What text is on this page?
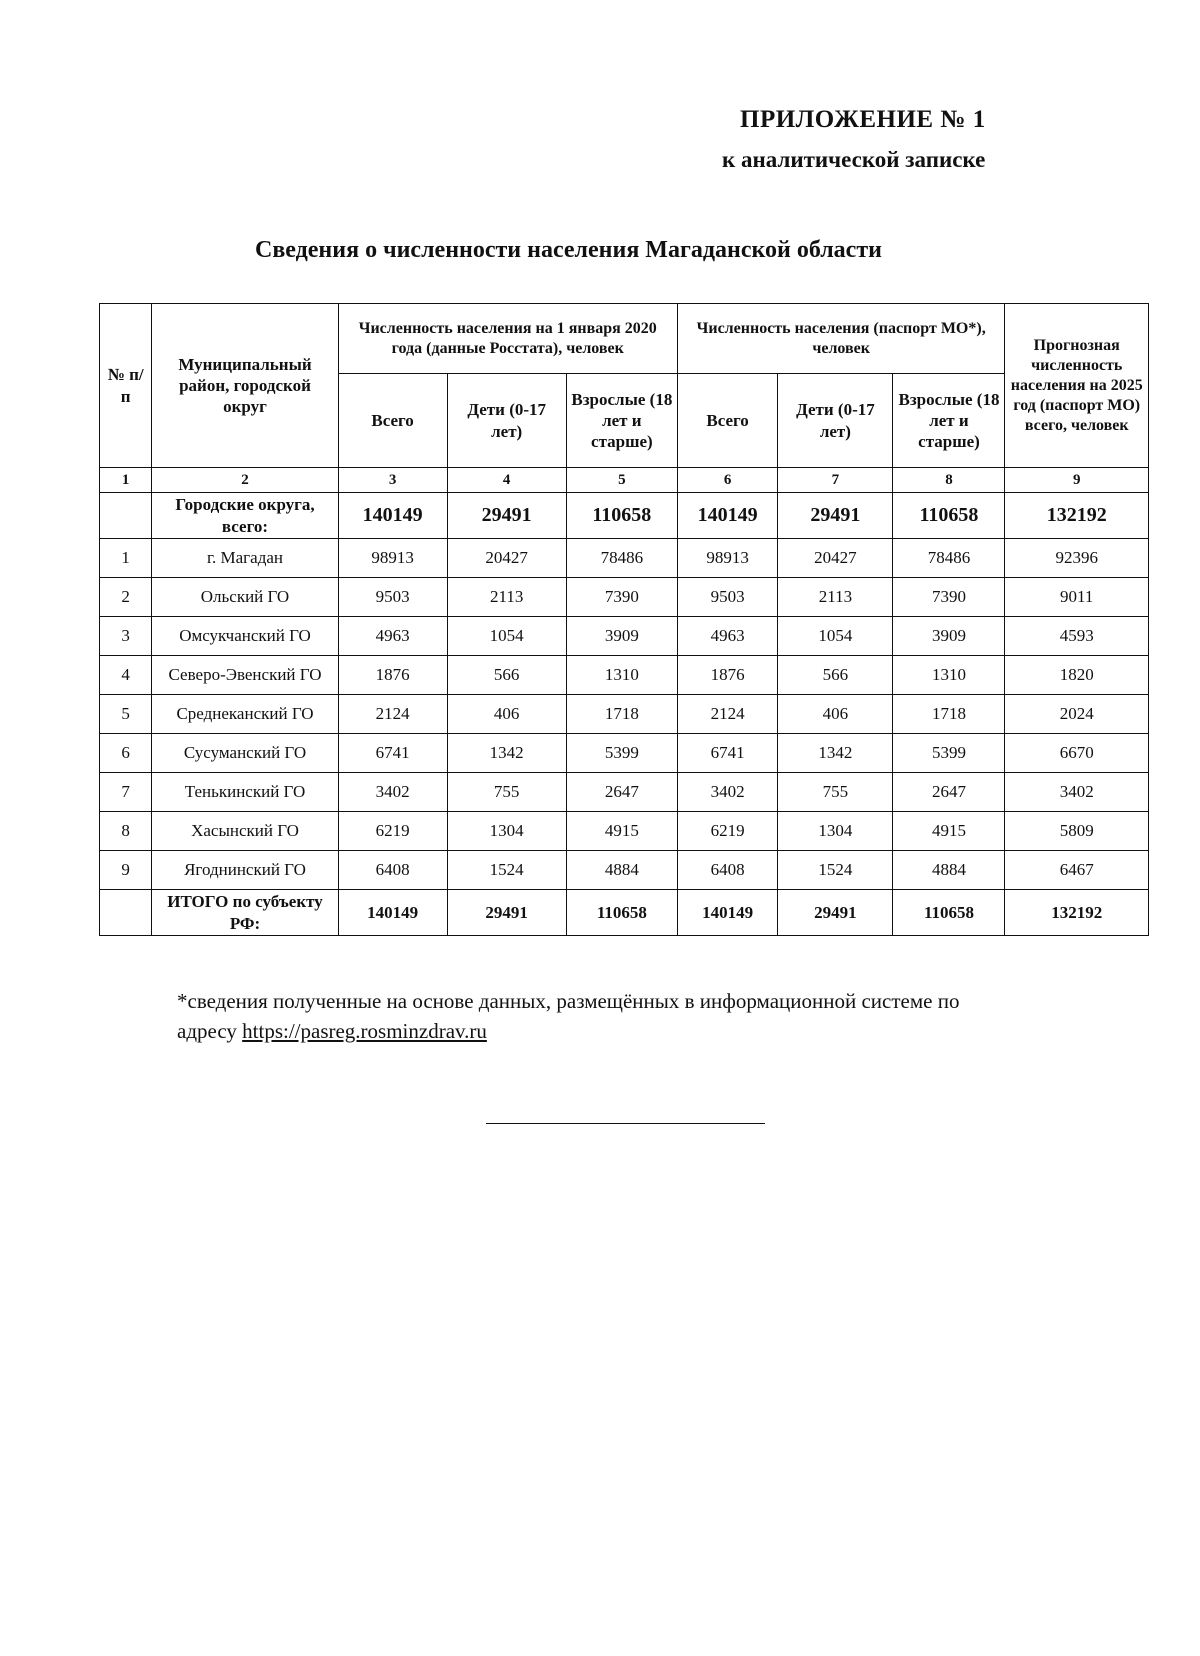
ПРИЛОЖЕНИЕ № 1
к аналитической записке
Сведения о численности населения Магаданской области
№ п/п	Муниципальный район, городской округ	Численность населения на 1 января 2020 года (данные Росстата), человек			Численность населения (паспорт МО*), человек			Прогнозная численность населения на 2025 год (паспорт МО) всего, человек
		Всего	Дети (0-17 лет)	Взрослые (18 лет и старше)	Всего	Дети (0-17 лет)	Взрослые (18 лет и старше)	
1	2	3	4	5	6	7	8	9
	Городские округа, всего:	140149	29491	110658	140149	29491	110658	132192
1	г. Магадан	98913	20427	78486	98913	20427	78486	92396
2	Ольский ГО	9503	2113	7390	9503	2113	7390	9011
3	Омсукчанский ГО	4963	1054	3909	4963	1054	3909	4593
4	Северо-Эвенский ГО	1876	566	1310	1876	566	1310	1820
5	Среднеканский ГО	2124	406	1718	2124	406	1718	2024
6	Сусуманский ГО	6741	1342	5399	6741	1342	5399	6670
7	Тенькинский ГО	3402	755	2647	3402	755	2647	3402
8	Хасынский ГО	6219	1304	4915	6219	1304	4915	5809
9	Ягоднинский ГО	6408	1524	4884	6408	1524	4884	6467
	ИТОГО по субъекту РФ:	140149	29491	110658	140149	29491	110658	132192
*сведения полученные на основе данных, размещённых в информационной системе по адресу https://pasreg.rosminzdrav.ru
